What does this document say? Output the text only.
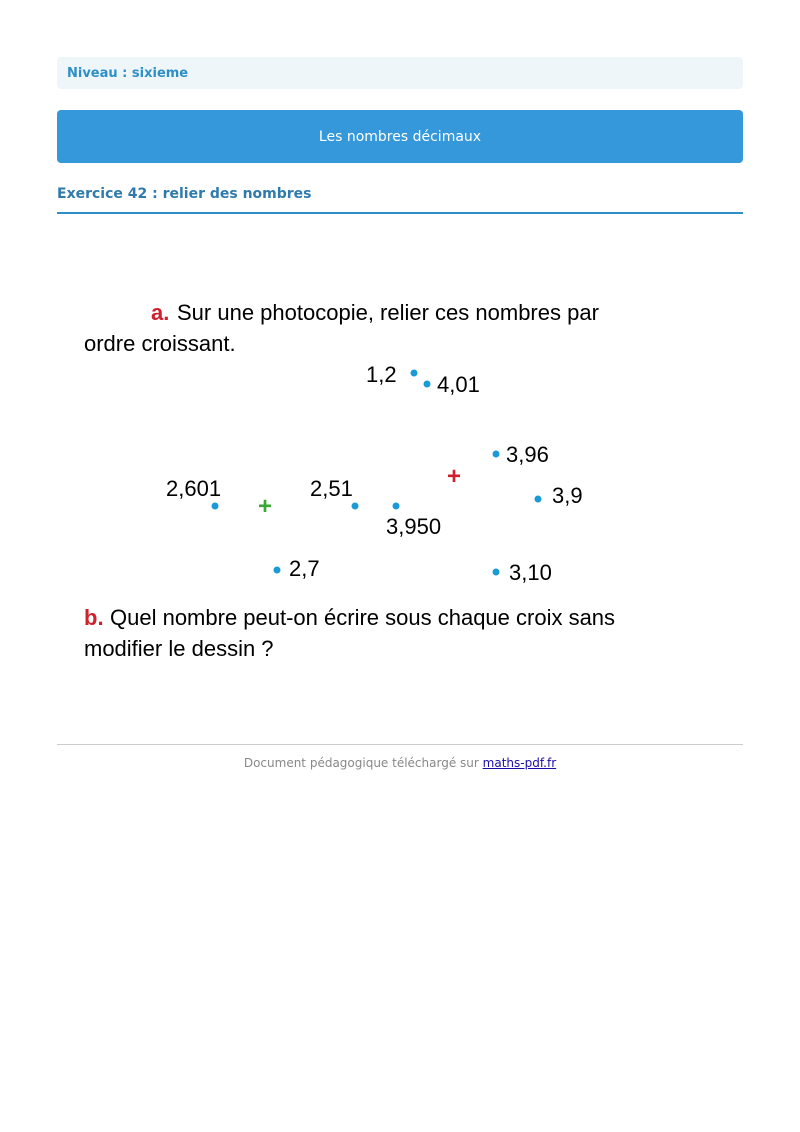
Niveau : sixieme
Les nombres décimaux
Exercice 42 : relier des nombres
a. Sur une photocopie, relier ces nombres par
ordre croissant.
1,2 4,01
3,96
+
2,601
+
2,51
3,950
3,9
2,7	3,10
b. Quel nombre peut-on écrire sous chaque croix sans
modifier le dessin ?
Document pédagogique téléchargé sur maths-pdf.fr
